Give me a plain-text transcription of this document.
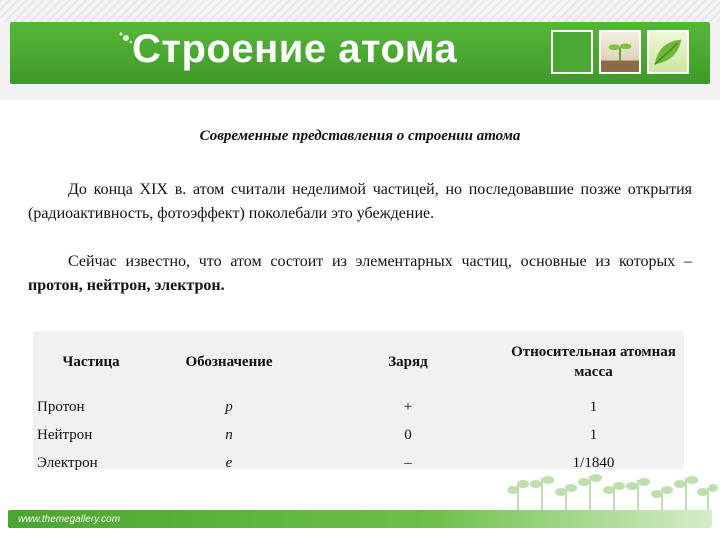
Строение атома
Современные представления о строении атома

До конца XIX в. атом считали неделимой частицей, но последовавшие позже открытия (радиоактивность, фотоэффект) поколебали это убеждение.

Сейчас известно, что атом состоит из элементарных частиц, основные из которых – протон, нейтрон, электрон.

Частица	Обозначение	Заряд	Относительная атомная масса
Протон	p	+	1
Нейтрон	n	0	1
Электрон	e	–	1/1840
www.themegallery.com
